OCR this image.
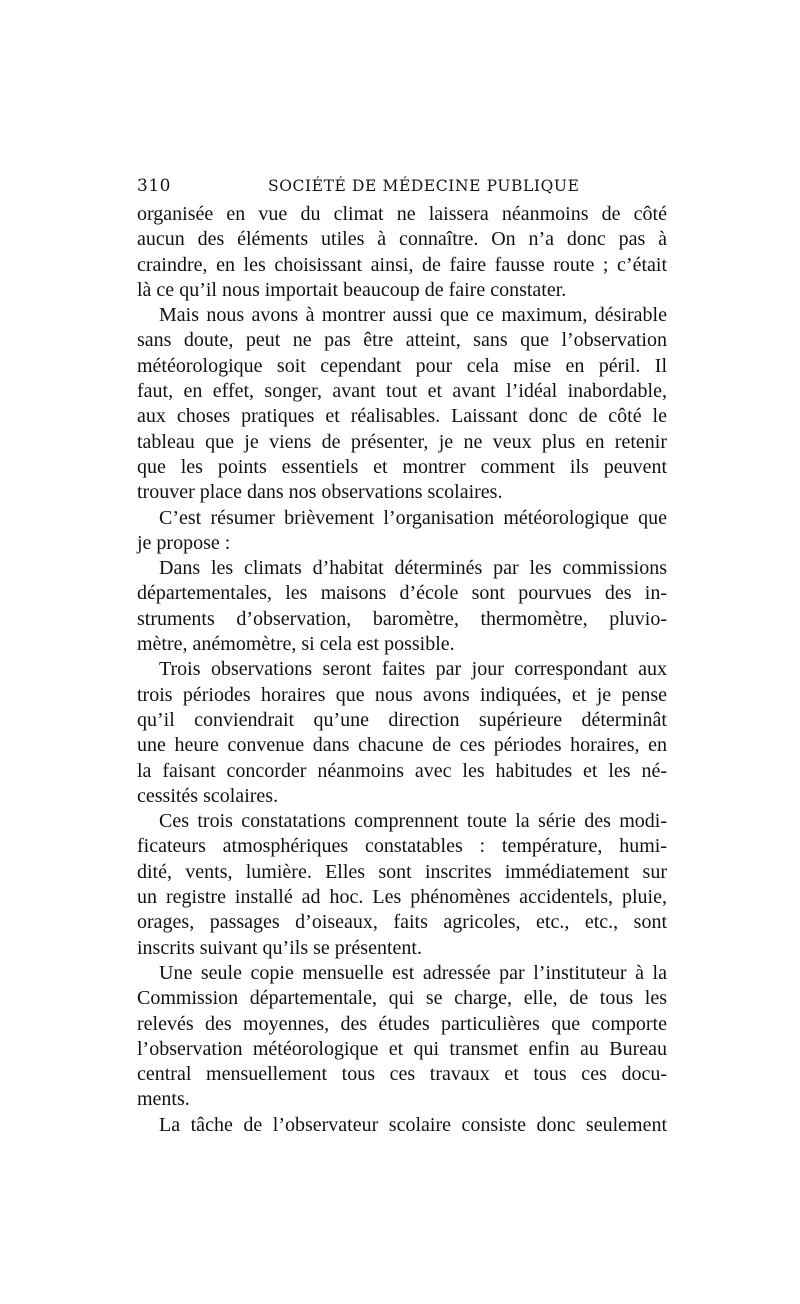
310	SOCIÉTÉ DE MÉDECINE PUBLIQUE
organisée en vue du climat ne laissera néanmoins de côté
aucun des éléments utiles à connaître. On n’a donc pas à
craindre, en les choisissant ainsi, de faire fausse route ; c’était
là ce qu’il nous importait beaucoup de faire constater.
Mais nous avons à montrer aussi que ce maximum, désirable
sans doute, peut ne pas être atteint, sans que l’observation
météorologique soit cependant pour cela mise en péril. Il
faut, en effet, songer, avant tout et avant l’idéal inabordable,
aux choses pratiques et réalisables. Laissant donc de côté le
tableau que je viens de présenter, je ne veux plus en retenir
que les points essentiels et montrer comment ils peuvent
trouver place dans nos observations scolaires.
C’est résumer brièvement l’organisation météorologique que
je propose :
Dans les climats d’habitat déterminés par les commissions
départementales, les maisons d’école sont pourvues des in-
struments d’observation, baromètre, thermomètre, pluvio-
mètre, anémomètre, si cela est possible.
Trois observations seront faites par jour correspondant aux
trois périodes horaires que nous avons indiquées, et je pense
qu’il conviendrait qu’une direction supérieure déterminât
une heure convenue dans chacune de ces périodes horaires, en
la faisant concorder néanmoins avec les habitudes et les né-
cessités scolaires.
Ces trois constatations comprennent toute la série des modi-
ficateurs atmosphériques constatables : température, humi-
dité, vents, lumière. Elles sont inscrites immédiatement sur
un registre installé ad hoc. Les phénomènes accidentels, pluie,
orages, passages d’oiseaux, faits agricoles, etc., etc., sont
inscrits suivant qu’ils se présentent.
Une seule copie mensuelle est adressée par l’instituteur à la
Commission départementale, qui se charge, elle, de tous les
relevés des moyennes, des études particulières que comporte
l’observation météorologique et qui transmet enfin au Bureau
central mensuellement tous ces travaux et tous ces docu-
ments.
La tâche de l’observateur scolaire consiste donc seulement
